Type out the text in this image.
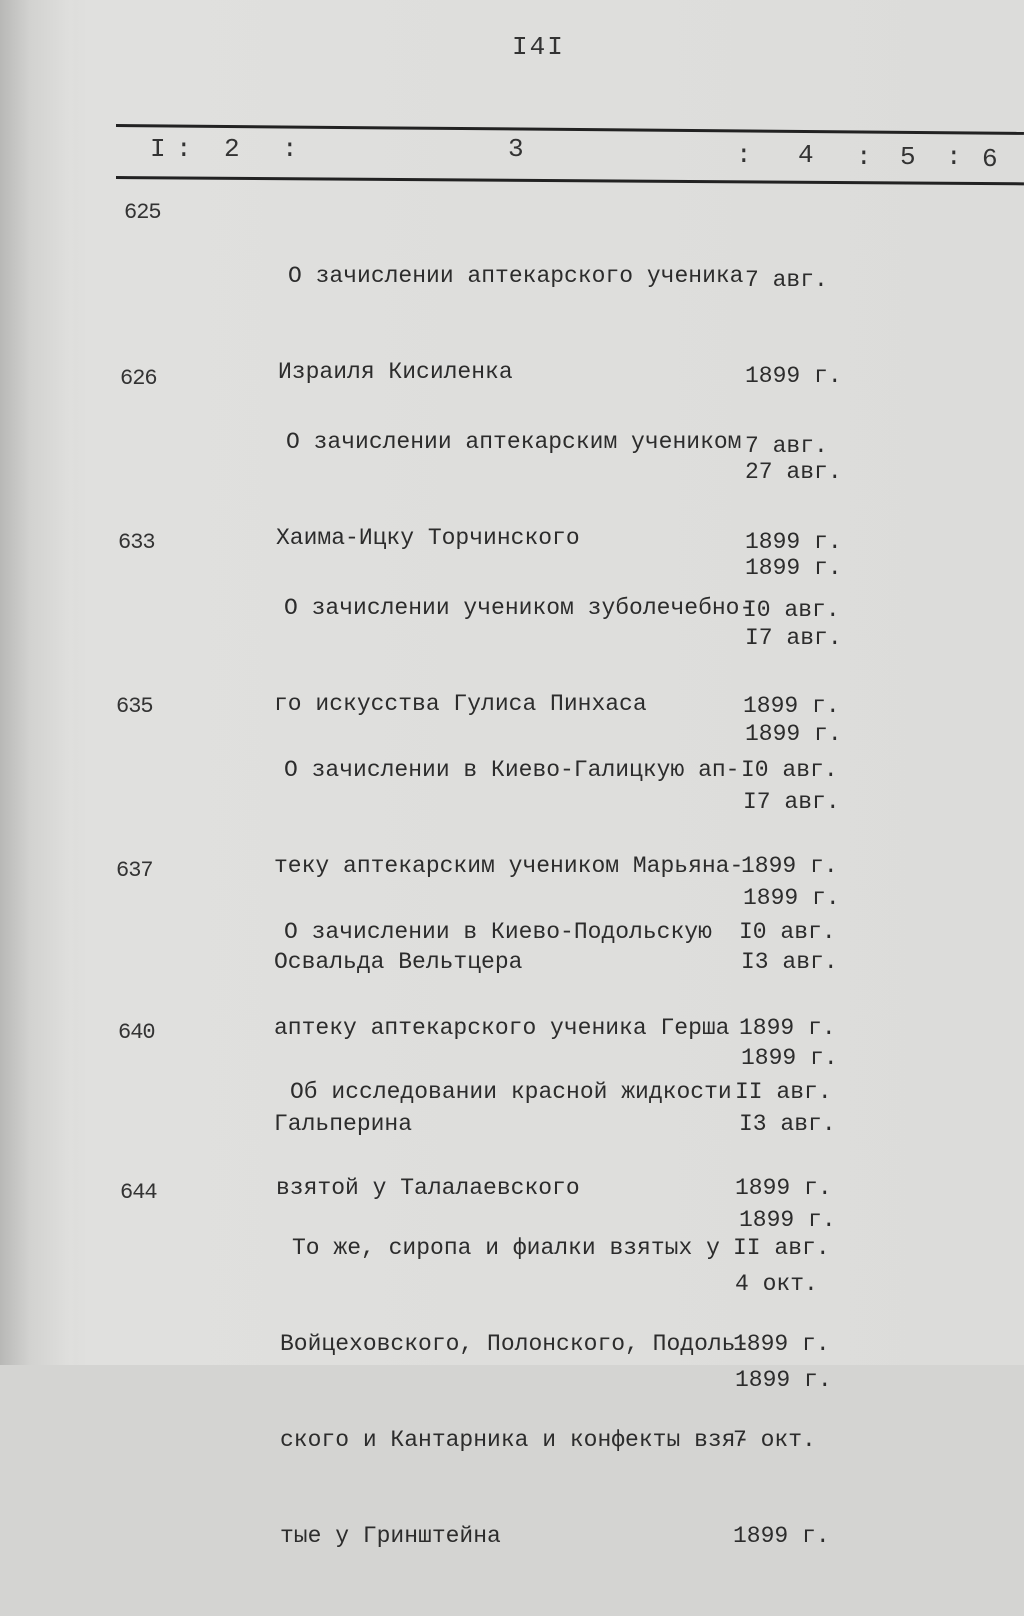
I4I
I : 2 :	3	: 4 : 5 : 6
625

О зачислении аптекарского ученика

Израиля Кисиленка

7 авг.

1899 г.

27 авг.

1899 г.

626

О зачислении аптекарским учеником

Хаима-Ицку Торчинского

7 авг.

1899 г.

I7 авг.

1899 г.

633

О зачислении учеником зуболечебно-

го искусства Гулиса Пинхаса

I0 авг.

1899 г.

I7 авг.

1899 г.

635

О зачислении в Киево-Галицкую ап-

теку аптекарским учеником Марьяна-

Освальда Вельтцера

I0 авг.

1899 г.

I3 авг.

1899 г.

637

О зачислении в Киево-Подольскую

аптеку аптекарского ученика Герша

Гальперина

I0 авг.

1899 г.

I3 авг.

1899 г.

640

Об исследовании красной жидкости

взятой у Талалаевского

II авг.

1899 г.

4 окт.

1899 г.

644

То же, сиропа и фиалки взятых у

Войцеховского, Полонского, Подоль-

ского и Кантарника и конфекты взя-

тые у Гринштейна

II авг.

1899 г.

7 окт.

1899 г.
